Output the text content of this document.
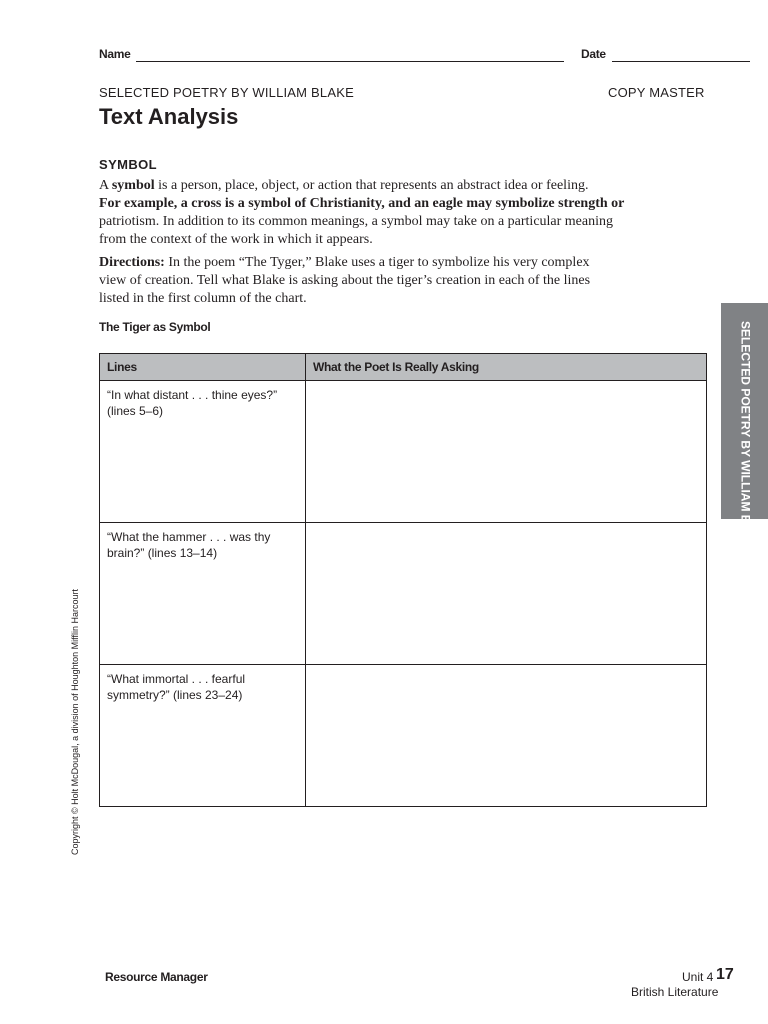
Name	Date
SELECTED POETRY BY WILLIAM BLAKE	COPY MASTER
Text Analysis
SYMBOL

A symbol is a person, place, object, or action that represents an abstract idea or feeling.

For example, a cross is a symbol of Christianity, and an eagle may symbolize strength or

patriotism. In addition to its common meanings, a symbol may take on a particular meaning from the context of the work in which it appears.

Directions: In the poem “The Tyger,” Blake uses a tiger to symbolize his very complex view of creation. Tell what Blake is asking about the tiger’s creation in each of the lines listed in the first column of the chart.

The Tiger as Symbol
Lines	What the Poet Is Really Asking
“In what distant . . . thine eyes?” (lines 5–6)	
“What the hammer . . . was thy brain?” (lines 13–14)	
“What immortal . . . fearful symmetry?” (lines 23–24)	
SELECTED POETRY BY WILLIAM BLAKE
Copyright © Holt McDougal, a division of Houghton Mifflin Harcourt
Resource Manager	Unit 4 17
British Literature
